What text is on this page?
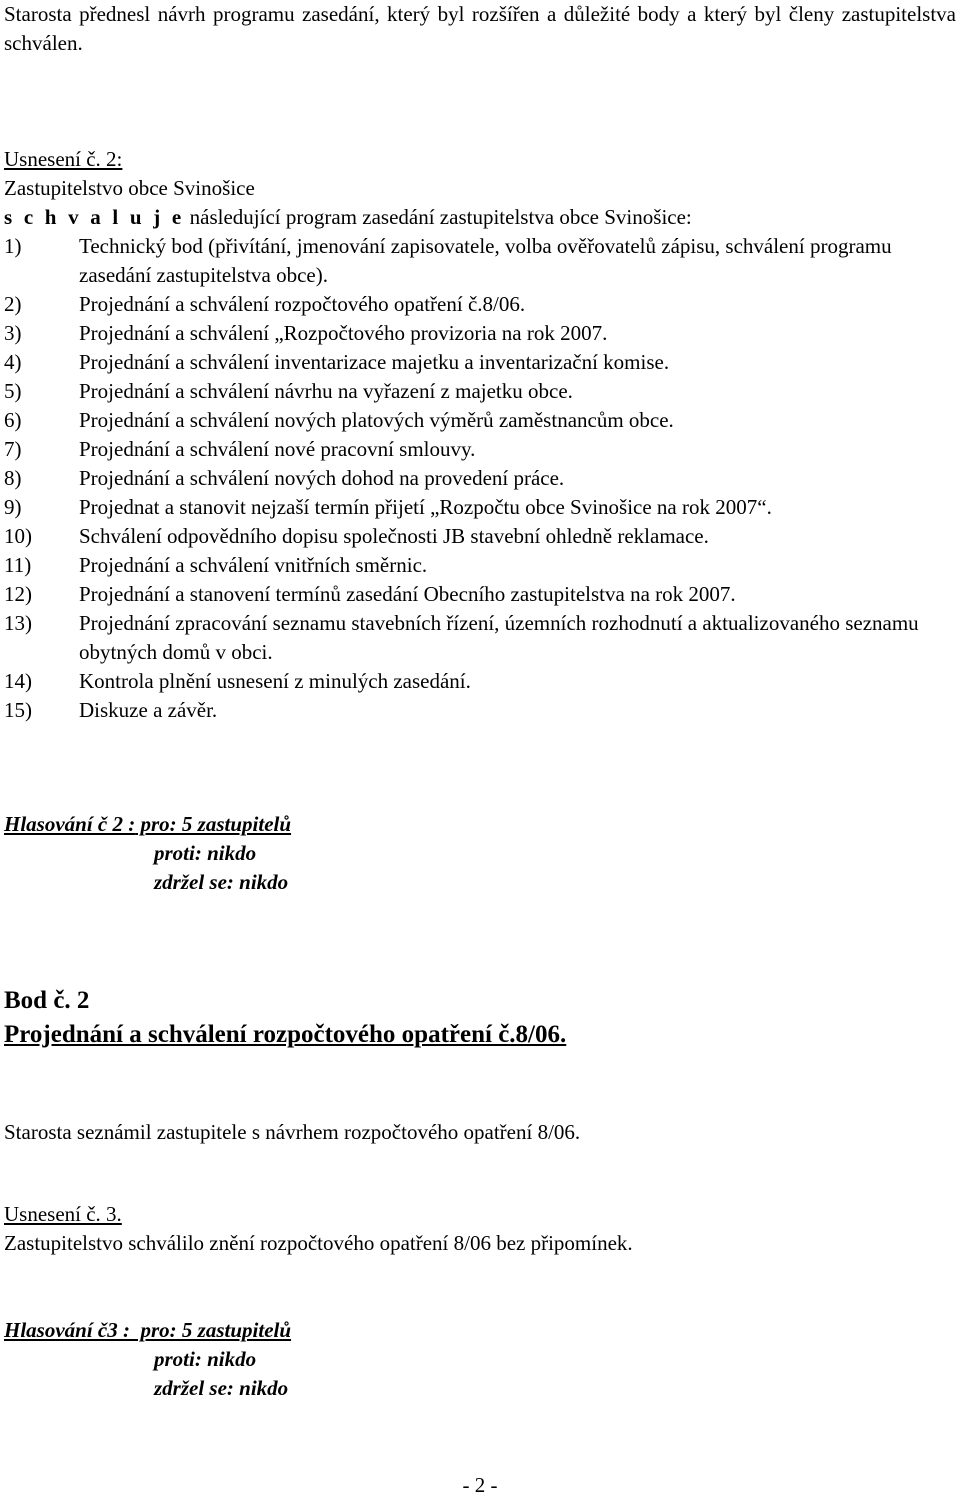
Starosta přednesl návrh programu zasedání, který byl rozšířen a důležité body a který byl členy zastupitelstva schválen.

Usnesení č. 2:

Zastupitelstvo obce Svinošice

s c h v a l u j e následující program zasedání zastupitelstva obce Svinošice:

1)	Technický bod (přivítání, jmenování zapisovatele, volba ověřovatelů zápisu, schválení programu zasedání zastupitelstva obce).
2)	Projednání a schválení rozpočtového opatření č.8/06.
3)	Projednání a schválení „Rozpočtového provizoria na rok 2007.
4)	Projednání a schválení inventarizace majetku a inventarizační komise.
5)	Projednání a schválení návrhu na vyřazení z majetku obce.
6)	Projednání a schválení nových platových výměrů zaměstnancům obce.
7)	Projednání a schválení nové pracovní smlouvy.
8)	Projednání a schválení nových dohod na provedení práce.
9)	Projednat a stanovit nejzaší termín přijetí „Rozpočtu obce Svinošice na rok 2007“.
10) Schválení odpovědního dopisu společnosti JB stavební ohledně reklamace.
11) Projednání a schválení vnitřních směrnic.
12) Projednání a stanovení termínů zasedání Obecního zastupitelstva na rok 2007.
13) Projednání zpracování seznamu stavebních řízení, územních rozhodnutí a aktualizovaného seznamu obytných domů v obci.
14) Kontrola plnění usnesení z minulých zasedání.
15) Diskuze a závěr.
Hlasování č 2 : pro: 5 zastupitelů
proti: nikdo
zdržel se: nikdo

Bod č. 2

Projednání a schválení rozpočtového opatření č.8/06.

Starosta seznámil zastupitele s návrhem rozpočtového opatření 8/06.

Usnesení č. 3.

Zastupitelstvo schválilo znění rozpočtového opatření 8/06 bez připomínek.

Hlasování č3 :  pro: 5 zastupitelů
proti: nikdo
zdržel se: nikdo
- 2 -
